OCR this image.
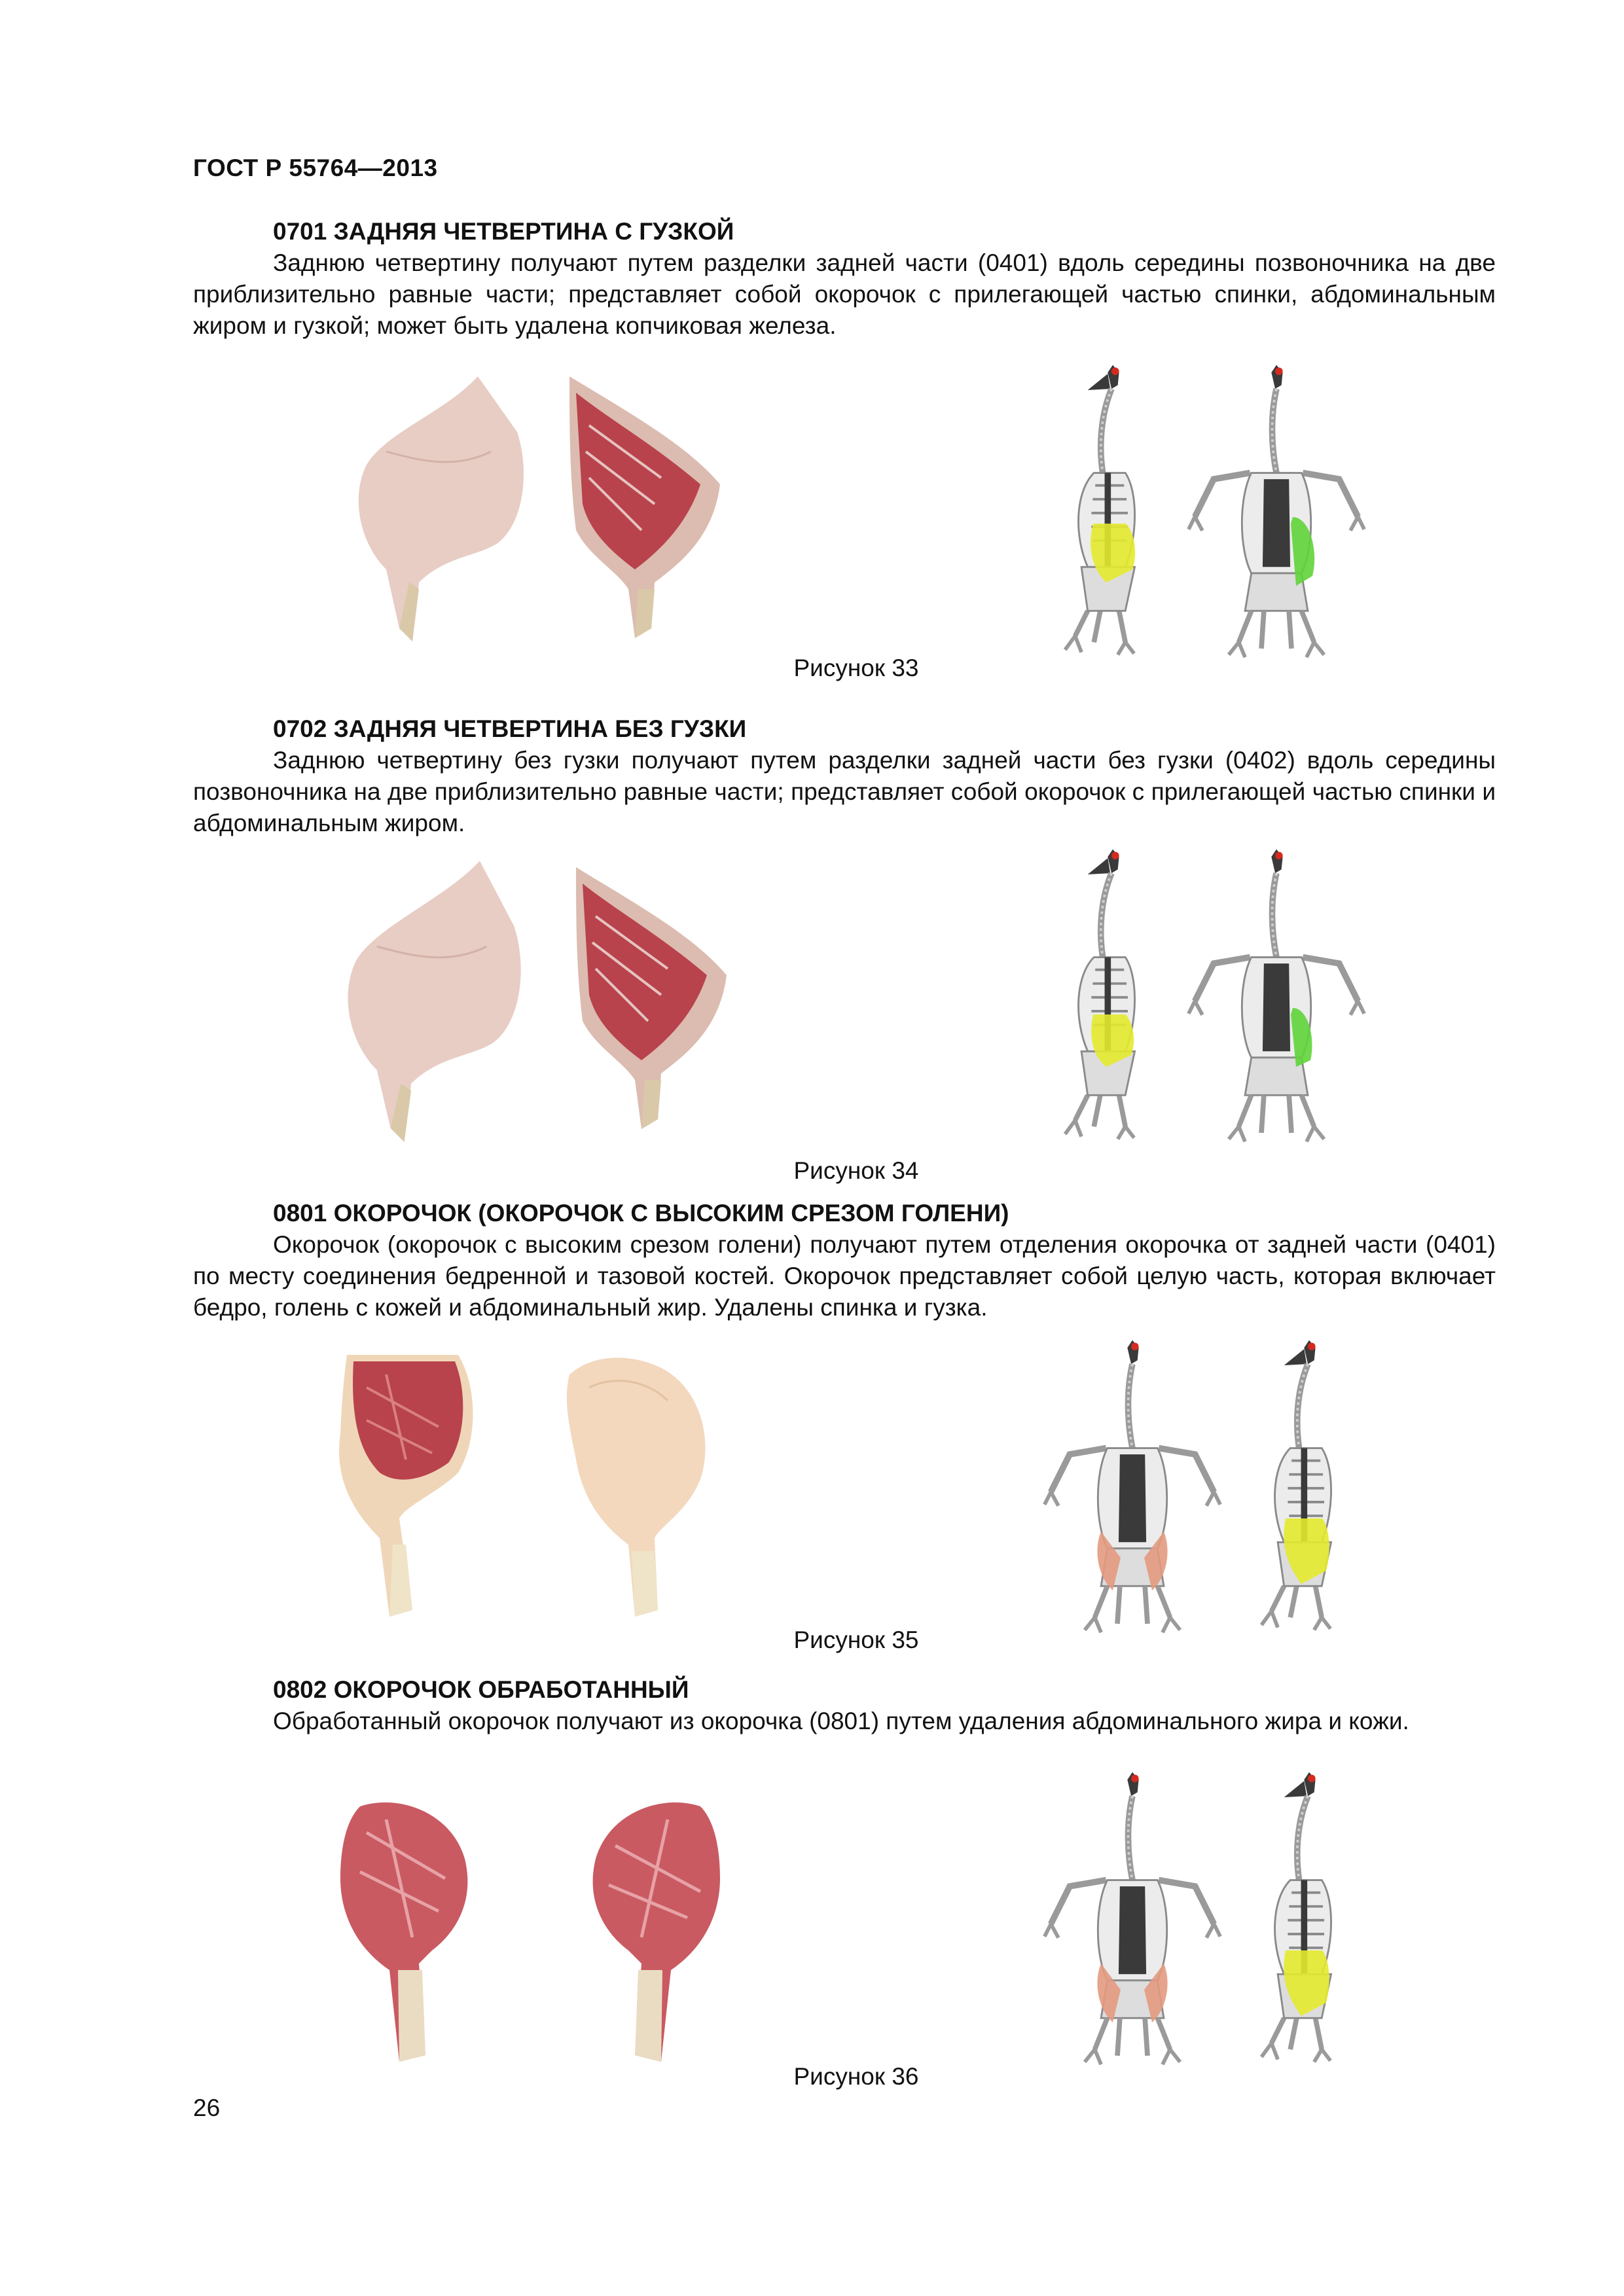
ГОСТ Р 55764—2013
0701 ЗАДНЯЯ ЧЕТВЕРТИНА С ГУЗКОЙ

Заднюю четвертину получают путем разделки задней части (0401) вдоль середины позвоночника на две приблизительно равные части; представляет собой окорочок с прилегающей частью спинки, абдоминальным жиром и гузкой; может быть удалена копчиковая железа.

Рисунок 33
0702 ЗАДНЯЯ ЧЕТВЕРТИНА БЕЗ ГУЗКИ

Заднюю четвертину без гузки получают путем разделки задней части без гузки (0402) вдоль середины позвоночника на две приблизительно равные части; представляет собой окорочок с прилегающей частью спинки и абдоминальным жиром.

Рисунок 34
0801 ОКОРОЧОК (ОКОРОЧОК С ВЫСОКИМ СРЕЗОМ ГОЛЕНИ)

Окорочок (окорочок с высоким срезом голени) получают путем отделения окорочка от задней части (0401) по месту соединения бедренной и тазовой костей. Окорочок представляет собой целую часть, которая включает бедро, голень с кожей и абдоминальный жир. Удалены спинка и гузка.

Рисунок 35
0802 ОКОРОЧОК ОБРАБОТАННЫЙ

Обработанный окорочок получают из окорочка (0801) путем удаления абдоминального жира и кожи.

Рисунок 36
26
